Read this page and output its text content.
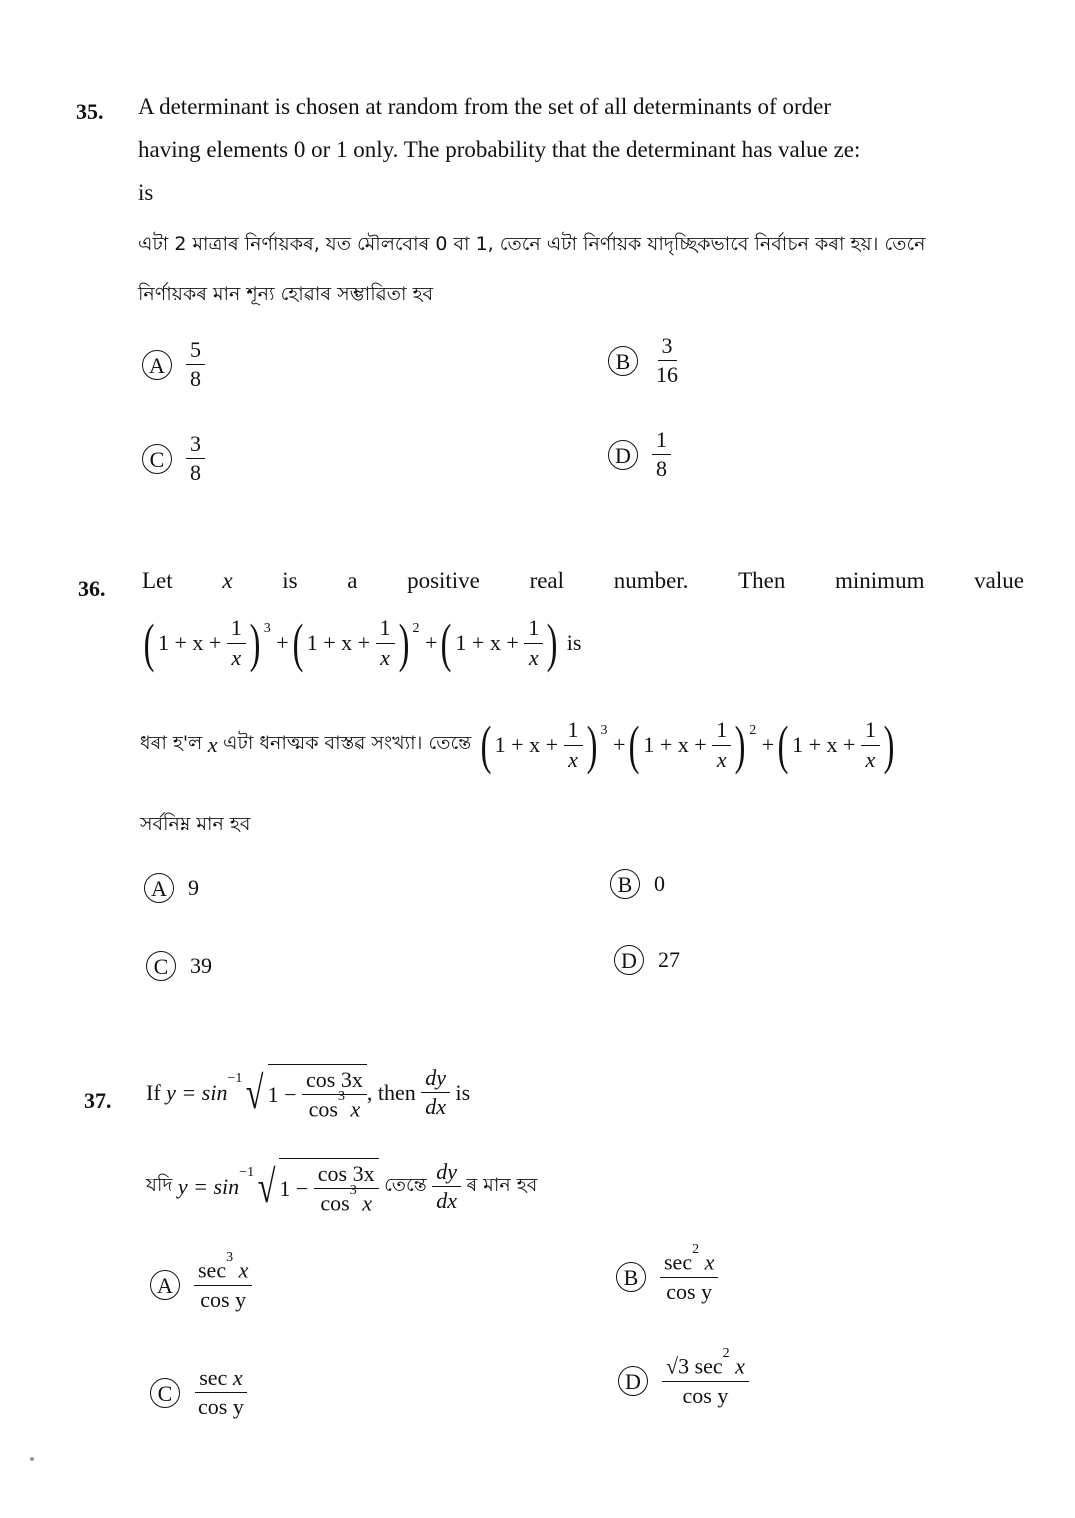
35. A determinant is chosen at random from the set of all determinants of order
having elements 0 or 1 only. The probability that the determinant has value ze:
is
এটা 2 মাত্ৰাৰ নিৰ্ণায়কৰ, যত মৌলবোৰ 0 বা 1, তেনে এটা নিৰ্ণায়ক যাদৃচ্ছিকভাবে নিৰ্বাচন কৰা হয়। তেনে
নিৰ্ণায়কৰ মান শূন্য হোৱাৰ সম্ভাৱিতা হব
A $\frac{5}{8}$	B $\frac{3}{16}$
C $\frac{3}{8}$	D $\frac{1}{8}$
36. Let x is a positive real number. Then minimum value
( 1 + x +
$\frac{1}{x}$ ) 3

+ ( 1 + x +
$\frac{1}{x}$ ) 2

+ ( 1 + x +
$\frac{1}{x}$ )
is
ধৰা হ'ল
x
এটা ধনাত্মক বাস্তৱ সংখ্যা। তেন্তে
( 1 + x +
$\frac{1}{x}$ ) 3

+ ( 1 + x +
$\frac{1}{x}$ ) 2

+ ( 1 + x +
$\frac{1}{x}$ )
সৰ্বনিম্ন মান হব
A 9	B 0
C 39	D 27
37. If
y = sin
−1 √ 1 −
$\frac{\cos 3x}{\cos^3 x}$ , then
$\frac{dy}{dx}$
is
যদি
y = sin
−1 √ 1 −
$\frac{\cos 3x}{\cos^3 x}$
তেন্তে
$\frac{dy}{dx}$
ৰ মান হব
A $\frac{\sec^3 x}{\text{cos y}}$	B $\frac{\sec^2 x}{\text{cos y}}$
C $\frac{\text{sec x}}{\text{cos y}}$	D $\frac{√3 \sec^2 x}{\text{cos y}}$
